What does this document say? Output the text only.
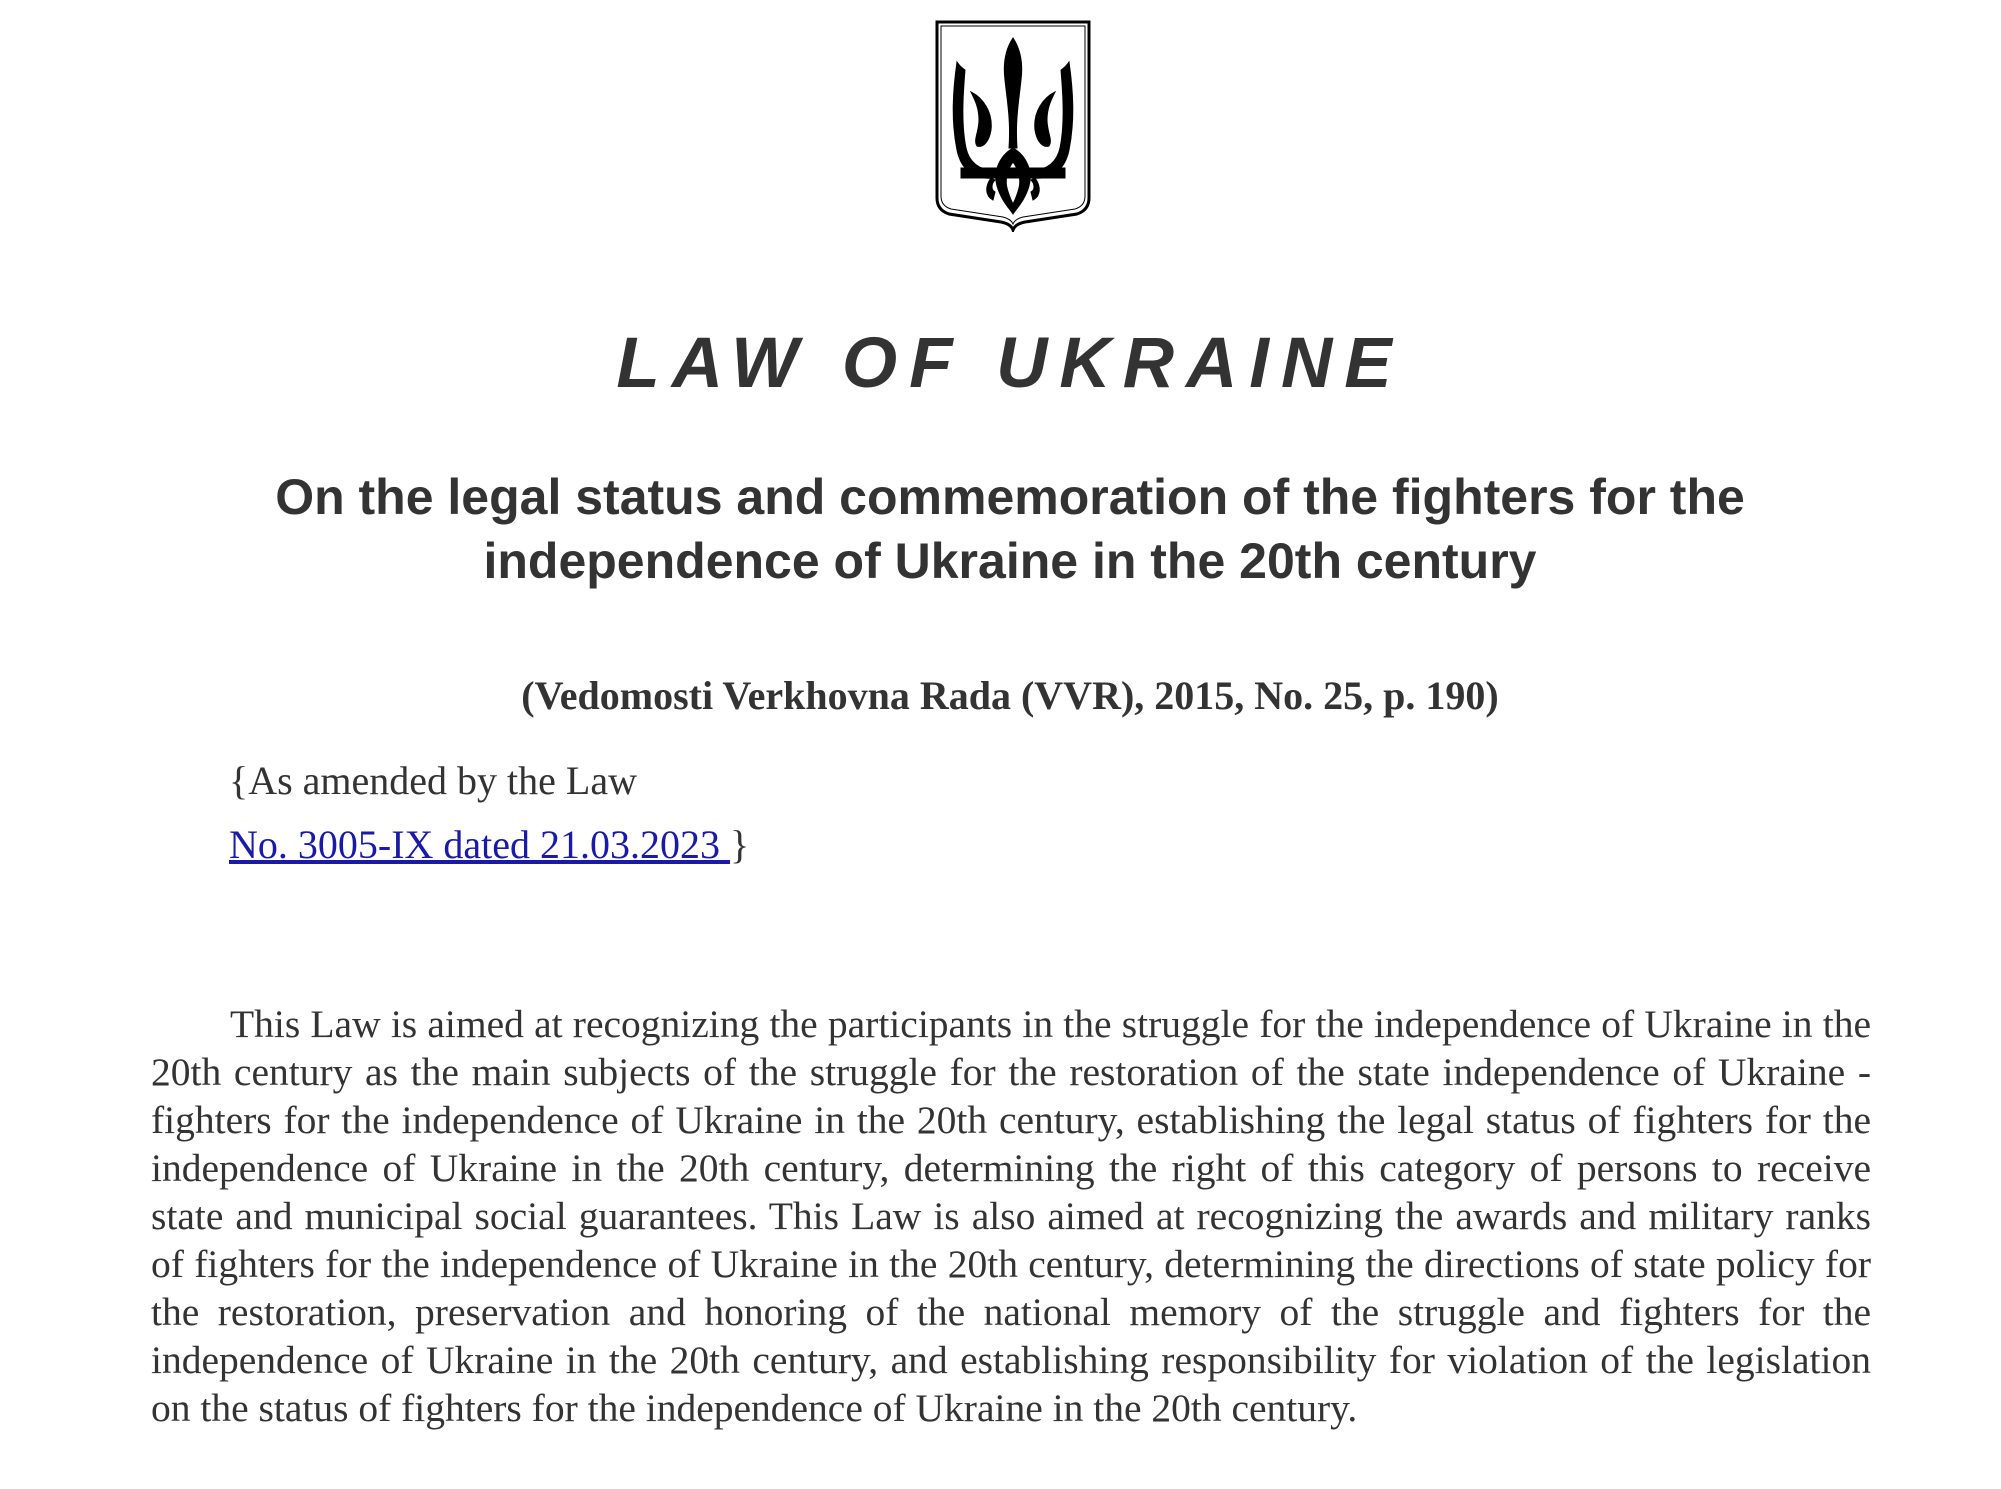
LAW OF UKRAINE
On the legal status and commemoration of the fighters for the independence of Ukraine in the 20th century
(Vedomosti Verkhovna Rada (VVR), 2015, No. 25, p. 190)
{As amended by the Law
No. 3005-IX dated 21.03.2023 }

This Law is aimed at recognizing the participants in the struggle for the independence of Ukraine in the 20th century as the main subjects of the struggle for the restoration of the state independence of Ukraine - fighters for the independence of Ukraine in the 20th century, establishing the legal status of fighters for the independence of Ukraine in the 20th century, determining the right of this category of persons to receive state and municipal social guarantees. This Law is also aimed at recognizing the awards and military ranks of fighters for the independence of Ukraine in the 20th century, determining the directions of state policy for the restoration, preservation and honoring of the national memory of the struggle and fighters for the independence of Ukraine in the 20th century, and establishing responsibility for violation of the legislation on the status of fighters for the independence of Ukraine in the 20th century.
